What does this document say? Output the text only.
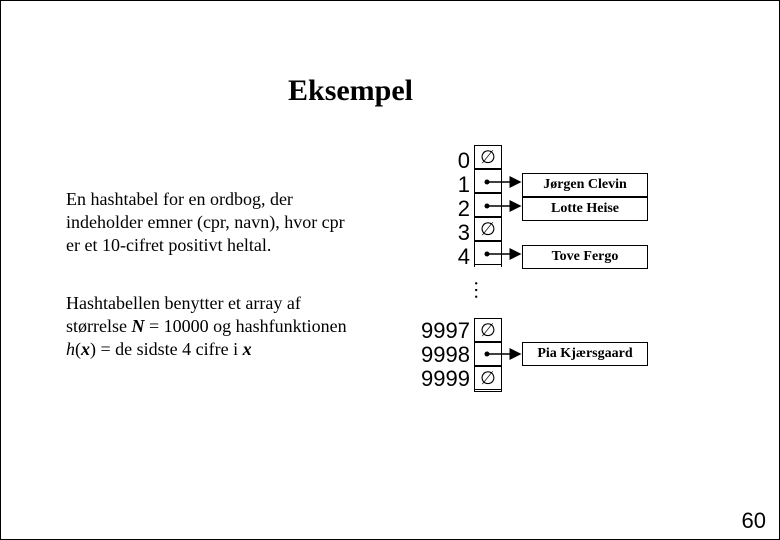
Eksempel

En hashtabel for en ordbog, der
indeholder emner (cpr, navn), hvor cpr
er et 10-cifret positivt heltal.

Hashtabellen benytter et array af
størrelse N = 10000 og hashfunktionen
h(x) = de sidste 4 cifre i x

0
1
2
3
4
9997
9998
9999
∅
∅
…
∅
∅
Jørgen Clevin
Lotte Heise
Tove Fergo
Pia Kjærsgaard
60
